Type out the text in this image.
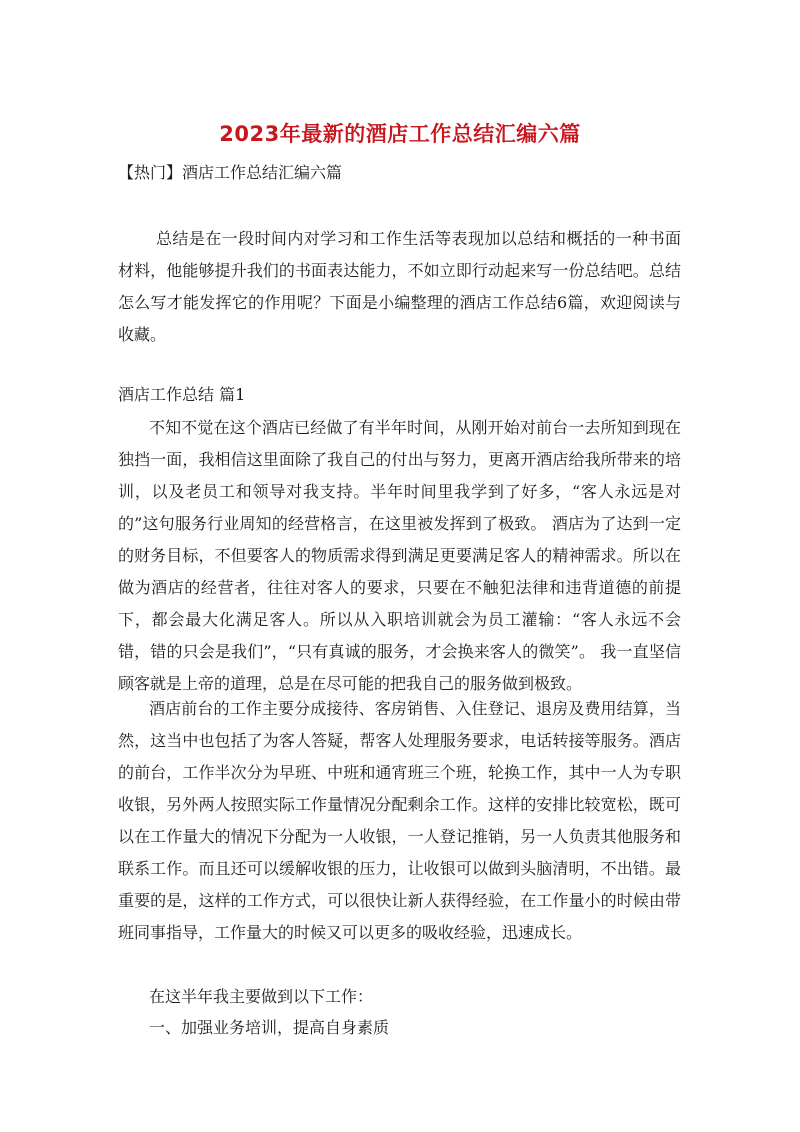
2023年最新的酒店工作总结汇编六篇
【热门】酒店工作总结汇编六篇
总结是在一段时间内对学习和工作生活等表现加以总结和概括的一种书面材料，他能够提升我们的书面表达能力，不如立即行动起来写一份总结吧。总结怎么写才能发挥它的作用呢？下面是小编整理的酒店工作总结6篇，欢迎阅读与收藏。
酒店工作总结 篇1
不知不觉在这个酒店已经做了有半年时间，从刚开始对前台一去所知到现在独挡一面，我相信这里面除了我自己的付出与努力，更离开酒店给我所带来的培训，以及老员工和领导对我支持。半年时间里我学到了好多，“客人永远是对的”这句服务行业周知的经营格言，在这里被发挥到了极致。 酒店为了达到一定的财务目标，不但要客人的物质需求得到满足更要满足客人的精神需求。所以在做为酒店的经营者，往往对客人的要求，只要在不触犯法律和违背道德的前提下，都会最大化满足客人。所以从入职培训就会为员工灌输：“客人永远不会错，错的只会是我们”，“只有真诚的服务，才会换来客人的微笑”。 我一直坚信顾客就是上帝的道理，总是在尽可能的把我自己的服务做到极致。
酒店前台的工作主要分成接待、客房销售、入住登记、退房及费用结算，当然，这当中也包括了为客人答疑，帮客人处理服务要求，电话转接等服务。酒店的前台，工作半次分为早班、中班和通宵班三个班，轮换工作，其中一人为专职收银，另外两人按照实际工作量情况分配剩余工作。这样的安排比较宽松，既可以在工作量大的情况下分配为一人收银，一人登记推销，另一人负责其他服务和联系工作。而且还可以缓解收银的压力，让收银可以做到头脑清明，不出错。最重要的是，这样的工作方式，可以很快让新人获得经验，在工作量小的时候由带班同事指导，工作量大的时候又可以更多的吸收经验，迅速成长。
在这半年我主要做到以下工作：
一、加强业务培训，提高自身素质
